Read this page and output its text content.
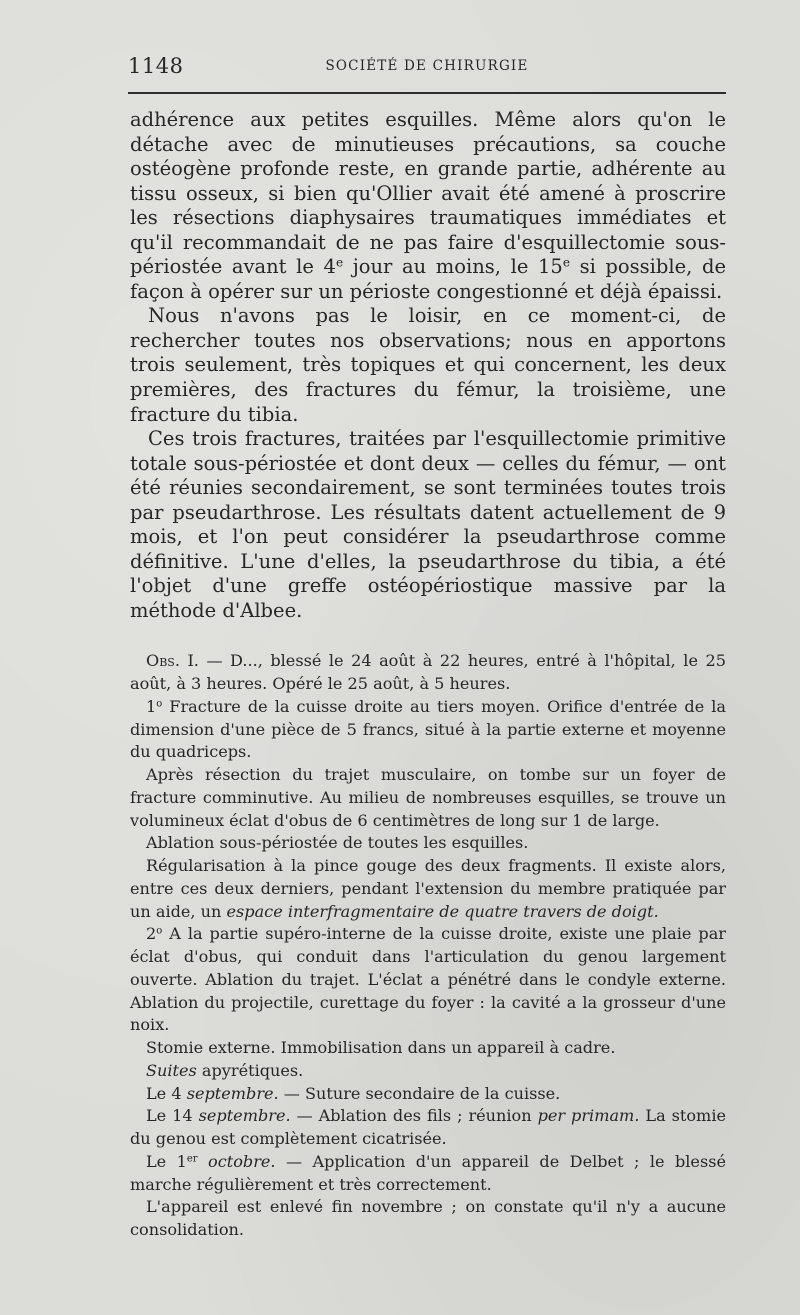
1148	SOCIÉTÉ DE CHIRURGIE

adhérence aux petites esquilles. Même alors qu'on le détache avec de minutieuses précautions, sa couche ostéogène profonde reste, en grande partie, adhérente au tissu osseux, si bien qu'Ollier avait été amené à proscrire les résections diaphysaires traumatiques immédiates et qu'il recommandait de ne pas faire d'esquillectomie sous-périostée avant le 4e jour au moins, le 15e si possible, de façon à opérer sur un périoste congestionné et déjà épaissi.

Nous n'avons pas le loisir, en ce moment-ci, de rechercher toutes nos observations; nous en apportons trois seulement, très topiques et qui concernent, les deux premières, des fractures du fémur, la troisième, une fracture du tibia.

Ces trois fractures, traitées par l'esquillectomie primitive totale sous-périostée et dont deux — celles du fémur, — ont été réunies secondairement, se sont terminées toutes trois par pseudarthrose. Les résultats datent actuellement de 9 mois, et l'on peut considérer la pseudarthrose comme définitive. L'une d'elles, la pseudarthrose du tibia, a été l'objet d'une greffe ostéopériostique massive par la méthode d'Albee.

Obs. I. — D..., blessé le 24 août à 22 heures, entré à l'hôpital, le 25 août, à 3 heures. Opéré le 25 août, à 5 heures.

1$^o$ Fracture de la cuisse droite au tiers moyen. Orifice d'entrée de la dimension d'une pièce de 5 francs, situé à la partie externe et moyenne du quadriceps.

Après résection du trajet musculaire, on tombe sur un foyer de fracture comminutive. Au milieu de nombreuses esquilles, se trouve un volumineux éclat d'obus de 6 centimètres de long sur 1 de large.

Ablation sous-périostée de toutes les esquilles.

Régularisation à la pince gouge des deux fragments. Il existe alors, entre ces deux derniers, pendant l'extension du membre pratiquée par un aide, un espace interfragmentaire de quatre travers de doigt.

2$^o$ A la partie supéro-interne de la cuisse droite, existe une plaie par éclat d'obus, qui conduit dans l'articulation du genou largement ouverte. Ablation du trajet. L'éclat a pénétré dans le condyle externe. Ablation du projectile, curettage du foyer : la cavité a la grosseur d'une noix.

Stomie externe. Immobilisation dans un appareil à cadre.

Suites apyrétiques.

Le 4 septembre. — Suture secondaire de la cuisse.

Le 14 septembre. — Ablation des fils ; réunion per primam. La stomie du genou est complètement cicatrisée.

Le 1er octobre. — Application d'un appareil de Delbet ; le blessé marche régulièrement et très correctement.

L'appareil est enlevé fin novembre ; on constate qu'il n'y a aucune consolidation.
